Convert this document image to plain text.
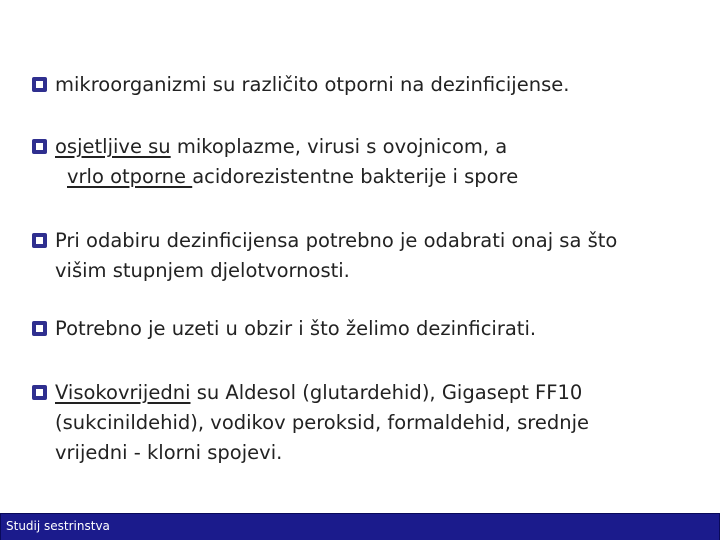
mikroorganizmi su različito otporni na dezinficijense.
osjetljive su mikoplazme, virusi s ovojnicom, a
vrlo otporne acidorezistentne bakterije i spore
Pri odabiru dezinficijensa potrebno je odabrati onaj sa što
višim stupnjem djelotvornosti.
Potrebno je uzeti u obzir i što želimo dezinficirati.
Visokovrijedni su Aldesol (glutardehid), Gigasept FF10
(sukcinildehid), vodikov peroksid, formaldehid, srednje
vrijedni - klorni spojevi.
Studij sestrinstva
